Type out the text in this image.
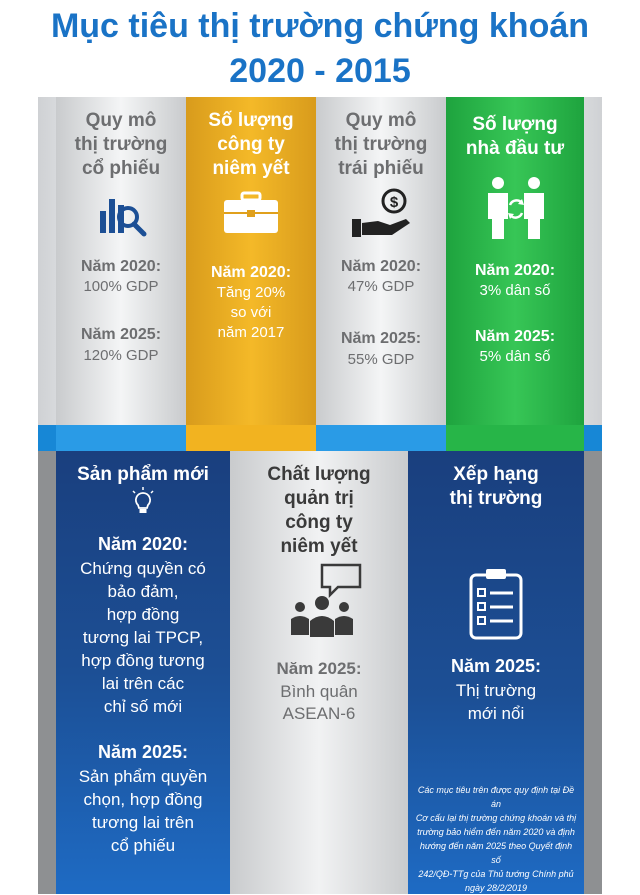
Mục tiêu thị trường chứng khoán
2020 - 2015
Quy mô
thị trường
cổ phiếu
Năm 2020:
100% GDP
Năm 2025:
120% GDP
Số lượng
công ty
niêm yết
Năm 2020:
Tăng 20%
so với
năm 2017
Quy mô
thị trường
trái phiếu
$
Năm 2020:
47% GDP
Năm 2025:
55% GDP
Số lượng
nhà đầu tư
Năm 2020:
3% dân số
Năm 2025:
5% dân số
Sản phẩm mới
Năm 2020:
Chứng quyền có
bảo đảm,
hợp đồng
tương lai TPCP,
hợp đồng tương
lai trên các
chỉ số mới
Năm 2025:
Sản phẩm quyền
chọn, hợp đồng
tương lai trên
cổ phiếu
Chất lượng
quản trị
công ty
niêm yết
Năm 2025:
Bình quân
ASEAN-6
Xếp hạng
thị trường
Năm 2025:
Thị trường
mới nổi
Các mục tiêu trên được quy định tại Đề án
Cơ cấu lại thị trường chứng khoán và thị
trường bảo hiểm đến năm 2020 và định
hướng đến năm 2025 theo Quyết định số
242/QĐ-TTg của Thủ tướng Chính phủ
ngày 28/2/2019
